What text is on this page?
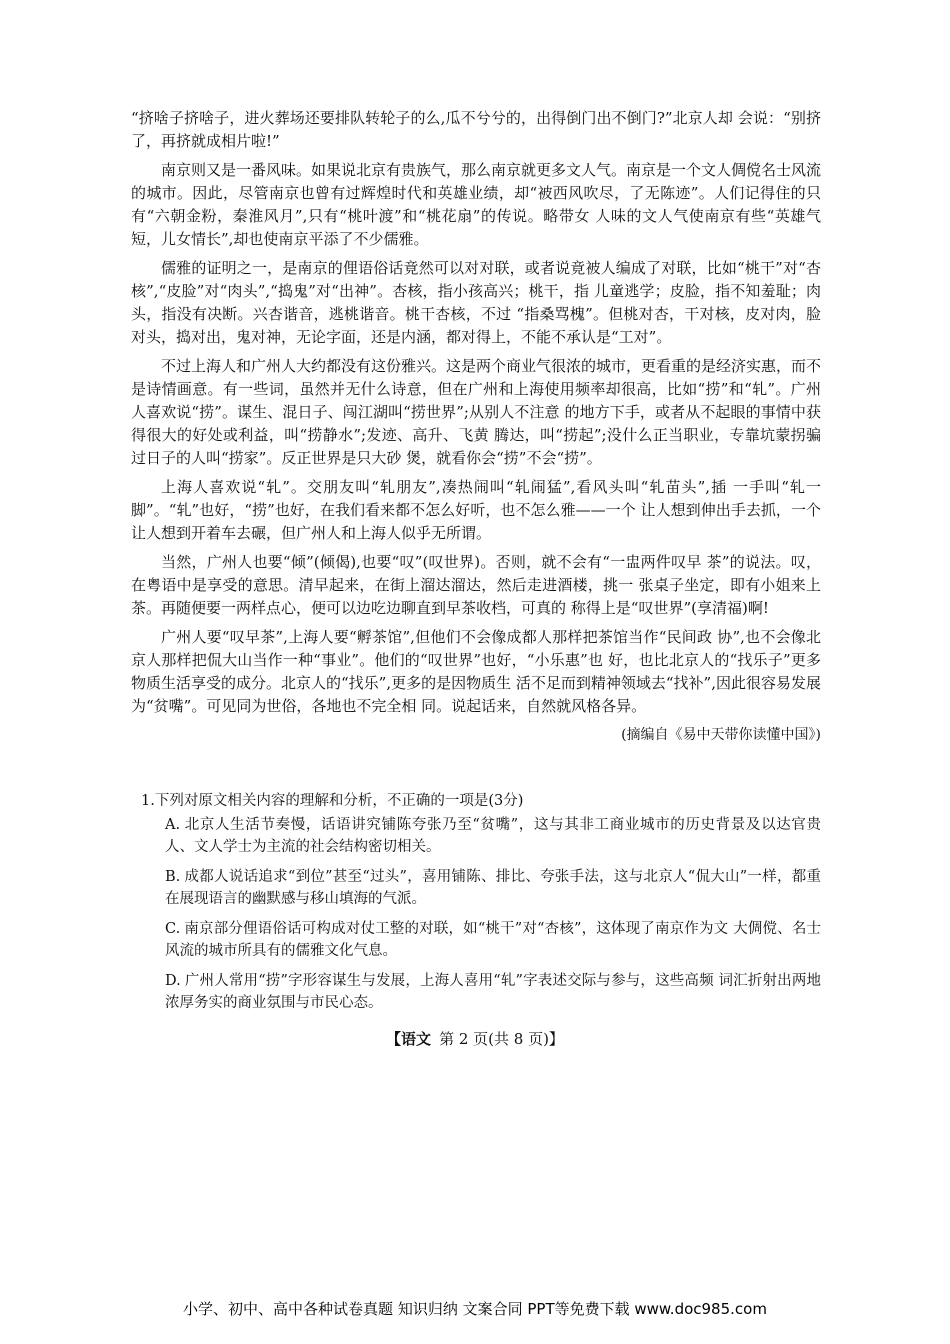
“挤啥子挤啥子，进火葬场还要排队转轮子的么,瓜不兮兮的，出得倒门出不倒门?”北京人却 会说：“别挤了，再挤就成相片啦!”

南京则又是一番风味。如果说北京有贵族气，那么南京就更多文人气。南京是一个文人倜傥名士风流的城市。因此，尽管南京也曾有过辉煌时代和英雄业绩，却“被西风吹尽，了无陈迹”。人们记得住的只有“六朝金粉，秦淮风月”,只有“桃叶渡”和“桃花扇”的传说。略带女 人味的文人气使南京有些“英雄气短，儿女情长”,却也使南京平添了不少儒雅。

儒雅的证明之一，是南京的俚语俗话竟然可以对对联，或者说竟被人编成了对联，比如“桃干”对“杏核”,“皮脸”对“肉头”,“捣鬼”对“出神”。杏核，指小孩高兴；桃干，指 儿童逃学；皮脸，指不知羞耻；肉头，指没有决断。兴杏谐音，逃桃谐音。桃干杏核，不过 “指桑骂槐”。但桃对杏，干对核，皮对肉，脸对头，捣对出，鬼对神，无论字面，还是内涵，都对得上，不能不承认是“工对”。

不过上海人和广州人大约都没有这份雅兴。这是两个商业气很浓的城市，更看重的是经济实惠，而不是诗情画意。有一些词，虽然并无什么诗意，但在广州和上海使用频率却很高，比如“捞”和“轧”。广州人喜欢说“捞”。谋生、混日子、闯江湖叫“捞世界”;从别人不注意 的地方下手，或者从不起眼的事情中获得很大的好处或利益，叫“捞静水”;发迹、高升、飞黄 腾达，叫“捞起”;没什么正当职业，专靠坑蒙拐骗过日子的人叫“捞家”。反正世界是只大砂 煲，就看你会“捞”不会“捞”。

上海人喜欢说“轧”。交朋友叫“轧朋友”,凑热闹叫“轧闹猛”,看风头叫“轧苗头”,插 一手叫“轧一脚”。“轧”也好，“捞”也好，在我们看来都不怎么好听，也不怎么雅——一个 让人想到伸出手去抓，一个让人想到开着车去碾，但广州人和上海人似乎无所谓。

当然，广州人也要“倾”(倾偈),也要“叹”(叹世界)。否则，就不会有“一盅两件叹早 茶”的说法。叹，在粤语中是享受的意思。清早起来，在街上溜达溜达，然后走进酒楼，挑一 张桌子坐定，即有小姐来上茶。再随便要一两样点心，便可以边吃边聊直到早茶收档，可真的 称得上是“叹世界”(享清福)啊!

广州人要“叹早茶”,上海人要“孵茶馆”,但他们不会像成都人那样把茶馆当作“民间政 协”,也不会像北京人那样把侃大山当作一种“事业”。他们的“叹世界”也好，“小乐惠”也 好，也比北京人的“找乐子”更多物质生活享受的成分。北京人的“找乐”,更多的是因物质生 活不足而到精神领域去“找补”,因此很容易发展为“贫嘴”。可见同为世俗，各地也不完全相 同。说起话来，自然就风格各异。

(摘编自《易中天带你读懂中国》)
1.下列对原文相关内容的理解和分析，不正确的一项是(3分)
A. 北京人生活节奏慢，话语讲究铺陈夸张乃至“贫嘴”，这与其非工商业城市的历史背景及以达官贵人、文人学士为主流的社会结构密切相关。
B. 成都人说话追求“到位”甚至“过头”，喜用铺陈、排比、夸张手法，这与北京人“侃大山”一样，都重在展现语言的幽默感与移山填海的气派。
C. 南京部分俚语俗话可构成对仗工整的对联，如“桃干”对“杏核”，这体现了南京作为文 大倜傥、名士风流的城市所具有的儒雅文化气息。
D. 广州人常用“捞”字形容谋生与发展，上海人喜用“轧”字表述交际与参与，这些高频 词汇折射出两地浓厚务实的商业氛围与市民心态。
【语文 第 2 页(共 8 页)】
小学、初中、高中各种试卷真题 知识归纳 文案合同 PPT等免费下载 www.doc985.com
